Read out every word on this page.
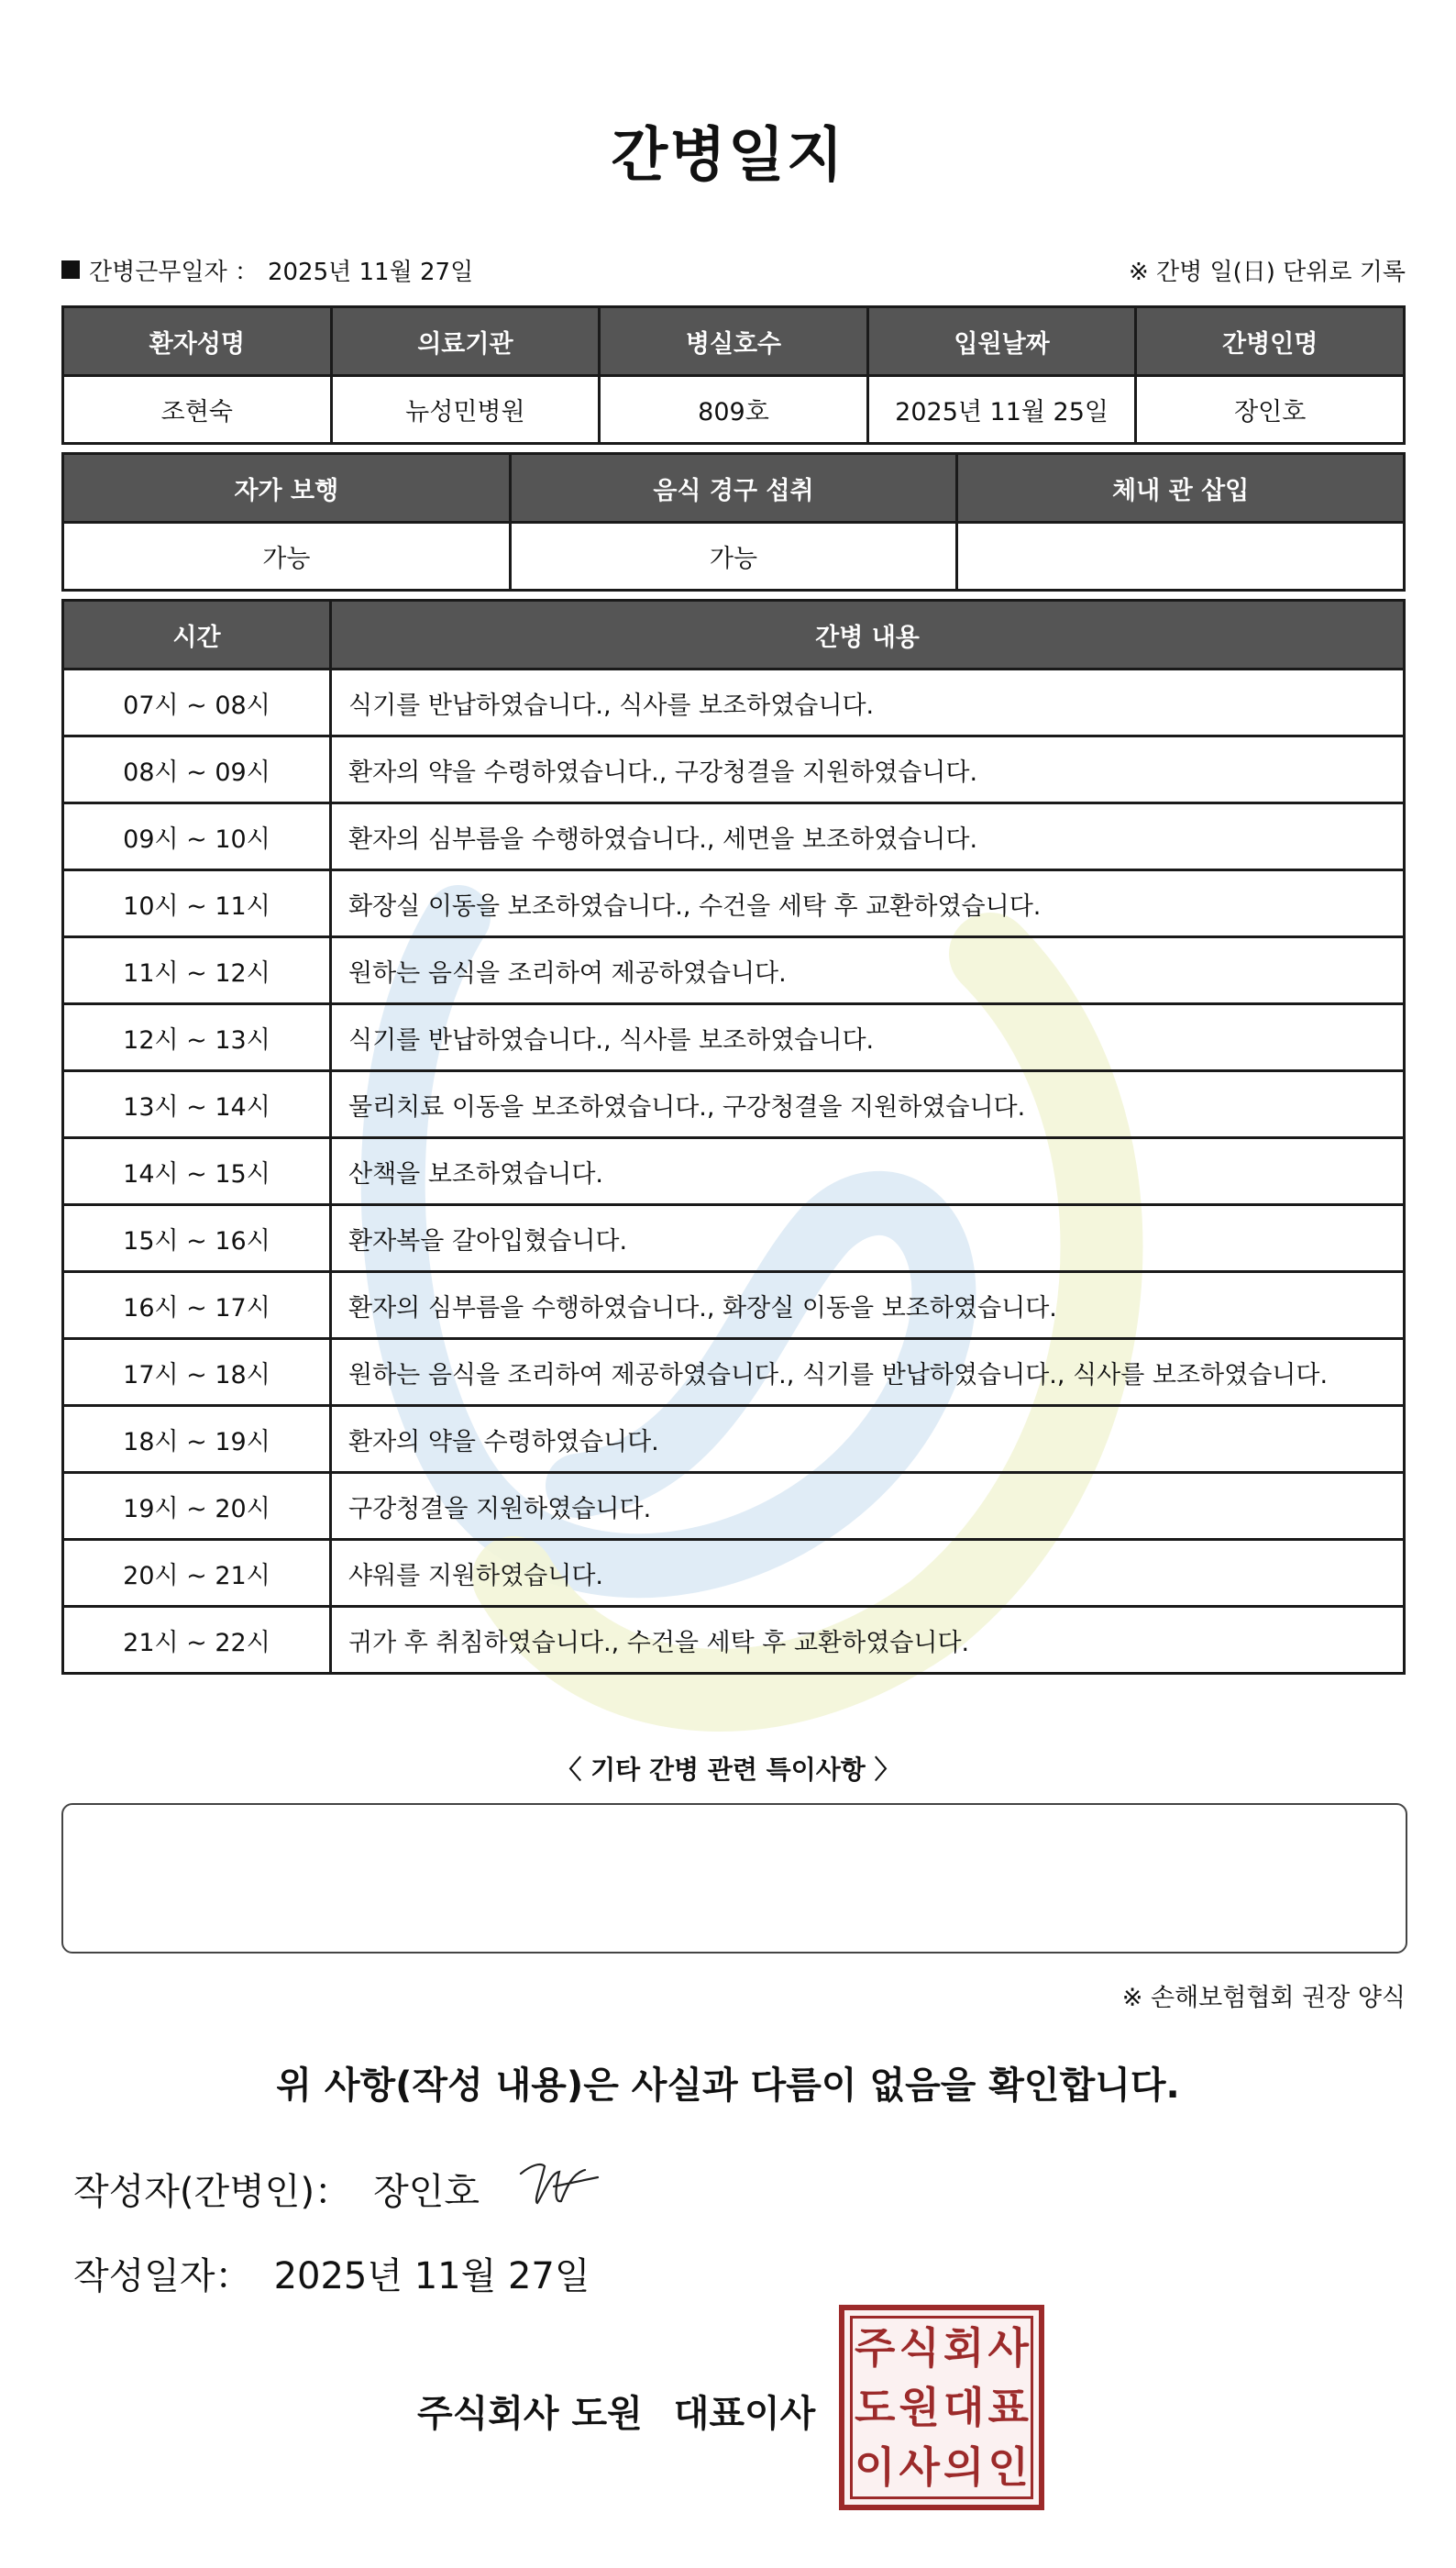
간병일지
간병근무일자 ： 2025년 11월 27일	※ 간병 일(日) 단위로 기록
환자성명	의료기관	병실호수	입원날짜	간병인명
조현숙	뉴성민병원	809호	2025년 11월 25일	장인호
자가 보행	음식 경구 섭취	체내 관 삽입
가능	가능	
시간	간병 내용
07시 ~ 08시	식기를 반납하였습니다., 식사를 보조하였습니다.
08시 ~ 09시	환자의 약을 수령하였습니다., 구강청결을 지원하였습니다.
09시 ~ 10시	환자의 심부름을 수행하였습니다., 세면을 보조하였습니다.
10시 ~ 11시	화장실 이동을 보조하였습니다., 수건을 세탁 후 교환하였습니다.
11시 ~ 12시	원하는 음식을 조리하여 제공하였습니다.
12시 ~ 13시	식기를 반납하였습니다., 식사를 보조하였습니다.
13시 ~ 14시	물리치료 이동을 보조하였습니다., 구강청결을 지원하였습니다.
14시 ~ 15시	산책을 보조하였습니다.
15시 ~ 16시	환자복을 갈아입혔습니다.
16시 ~ 17시	환자의 심부름을 수행하였습니다., 화장실 이동을 보조하였습니다.
17시 ~ 18시	원하는 음식을 조리하여 제공하였습니다., 식기를 반납하였습니다., 식사를 보조하였습니다.
18시 ~ 19시	환자의 약을 수령하였습니다.
19시 ~ 20시	구강청결을 지원하였습니다.
20시 ~ 21시	샤워를 지원하였습니다.
21시 ~ 22시	귀가 후 취침하였습니다., 수건을 세탁 후 교환하였습니다.
〈 기타 간병 관련 특이사항 〉
※ 손해보험협회 권장 양식
위 사항(작성 내용)은 사실과 다름이 없음을 확인합니다.
작성자(간병인)： 장인호
작성일자： 2025년 11월 27일
주식회사 도원 대표이사
주 식 회 사
도 원 대 표
이 사 의 인
